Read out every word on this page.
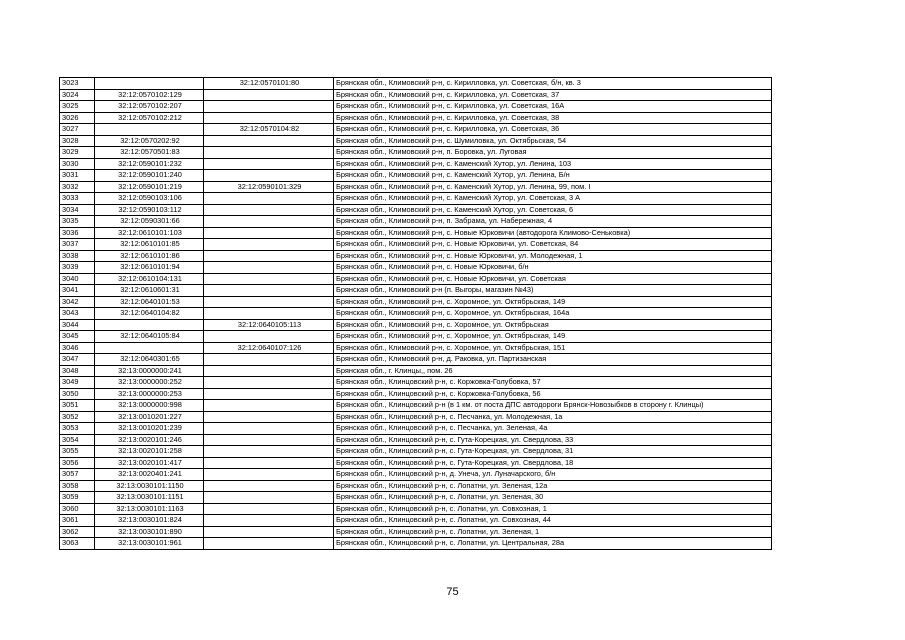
3023		32:12:0570101:80	Брянская обл., Климовский р-н, с. Кирилловка, ул. Советская, б/н, кв. 3
3024	32:12:0570102:129		Брянская обл., Климовский р-н, с. Кирилловка, ул. Советская, 37
3025	32:12:0570102:207		Брянская обл., Климовский р-н, с. Кирилловка, ул. Советская, 16А
3026	32:12:0570102:212		Брянская обл., Климовский р-н, с. Кирилловка, ул. Советская, 38
3027		32:12:0570104:82	Брянская обл., Климовский р-н, с. Кирилловка, ул. Советская, 36
3028	32:12:0570202:92		Брянская обл., Климовский р-н, с. Шумиловка, ул. Октябрьская, 54
3029	32:12:0570501:83		Брянская обл., Климовский р-н, п. Боровка, ул. Луговая
3030	32:12:0590101:232		Брянская обл., Климовский р-н, с. Каменский Хутор, ул. Ленина, 103
3031	32:12:0590101:240		Брянская обл., Климовский р-н, с. Каменский Хутор, ул. Ленина, Б/н
3032	32:12:0590101:219	32:12:0590101:329	Брянская обл., Климовский р-н, с. Каменский Хутор, ул. Ленина, 99, пом. I
3033	32:12:0590103:106		Брянская обл., Климовский р-н, с. Каменский Хутор, ул. Советская, 3 А
3034	32:12:0590103:112		Брянская обл., Климовский р-н, с. Каменский Хутор, ул. Советская, 6
3035	32:12:0590301:66		Брянская обл., Климовский р-н, п. Забрама, ул. Набережная, 4
3036	32:12:0610101:103		Брянская обл., Климовский р-н, с. Новые Юрковичи (автодорога Климово-Сеньковка)
3037	32:12:0610101:85		Брянская обл., Климовский р-н, с. Новые Юрковичи, ул. Советская, 84
3038	32:12:0610101:86		Брянская обл., Климовский р-н, с. Новые Юрковичи, ул. Молодежная, 1
3039	32:12:0610101:94		Брянская обл., Климовский р-н, с. Новые Юрковичи, б/н
3040	32:12:0610104:131		Брянская обл., Климовский р-н, с. Новые Юрковичи, ул. Советская
3041	32:12:0610601:31		Брянская обл., Климовский р-н (п. Выгоры, магазин №43)
3042	32:12:0640101:53		Брянская обл., Климовский р-н, с. Хоромное, ул. Октябрьская, 149
3043	32:12:0640104:82		Брянская обл., Климовский р-н, с. Хоромное, ул. Октябрьская, 164а
3044		32:12:0640105:113	Брянская обл., Климовский р-н, с. Хоромное, ул. Октябрьская
3045	32:12:0640105:84		Брянская обл., Климовский р-н, с. Хоромное, ул. Октябрьская, 149
3046		32:12:0640107:126	Брянская обл., Климовский р-н, с. Хоромное, ул. Октябрьская, 151
3047	32:12:0640301:65		Брянская обл., Климовский р-н, д. Раковка, ул. Партизанская
3048	32:13:0000000:241		Брянская обл., г. Клинцы,, пом. 26
3049	32:13:0000000:252		Брянская обл., Клинцовский р-н, с. Коржовка-Голубовка, 57
3050	32:13:0000000:253		Брянская обл., Клинцовский р-н, с. Коржовка-Голубовка, 56
3051	32:13:0000000:998		Брянская обл., Клинцовский р-н (в 1 км. от поста ДПС автодороги Брянск-Новозыбков в сторону г. Клинцы)
3052	32:13:0010201:227		Брянская обл., Клинцовский р-н, с. Песчанка, ул. Молодежная, 1а
3053	32:13:0010201:239		Брянская обл., Клинцовский р-н, с. Песчанка, ул. Зеленая, 4а
3054	32:13:0020101:246		Брянская обл., Клинцовский р-н, с. Гута-Корецкая, ул. Свердлова, 33
3055	32:13:0020101:258		Брянская обл., Клинцовский р-н, с. Гута-Корецкая, ул. Свердлова, 31
3056	32:13:0020101:417		Брянская обл., Клинцовский р-н, с. Гута-Корецкая, ул. Свердлова, 18
3057	32:13:0020401:241		Брянская обл., Клинцовский р-н, д. Унеча, ул. Луначарского, б/н
3058	32:13:0030101:1150		Брянская обл., Клинцовский р-н, с. Лопатни, ул. Зеленая, 12а
3059	32:13:0030101:1151		Брянская обл., Клинцовский р-н, с. Лопатни, ул. Зеленая, 30
3060	32:13:0030101:1163		Брянская обл., Клинцовский р-н, с. Лопатни, ул. Совхозная, 1
3061	32:13:0030101:824		Брянская обл., Клинцовский р-н, с. Лопатни, ул. Совхозная, 44
3062	32:13:0030101:890		Брянская обл., Клинцовский р-н, с. Лопатни, ул. Зеленая, 1
3063	32:13:0030101:961		Брянская обл., Клинцовский р-н, с. Лопатни, ул. Центральная, 28а
75
